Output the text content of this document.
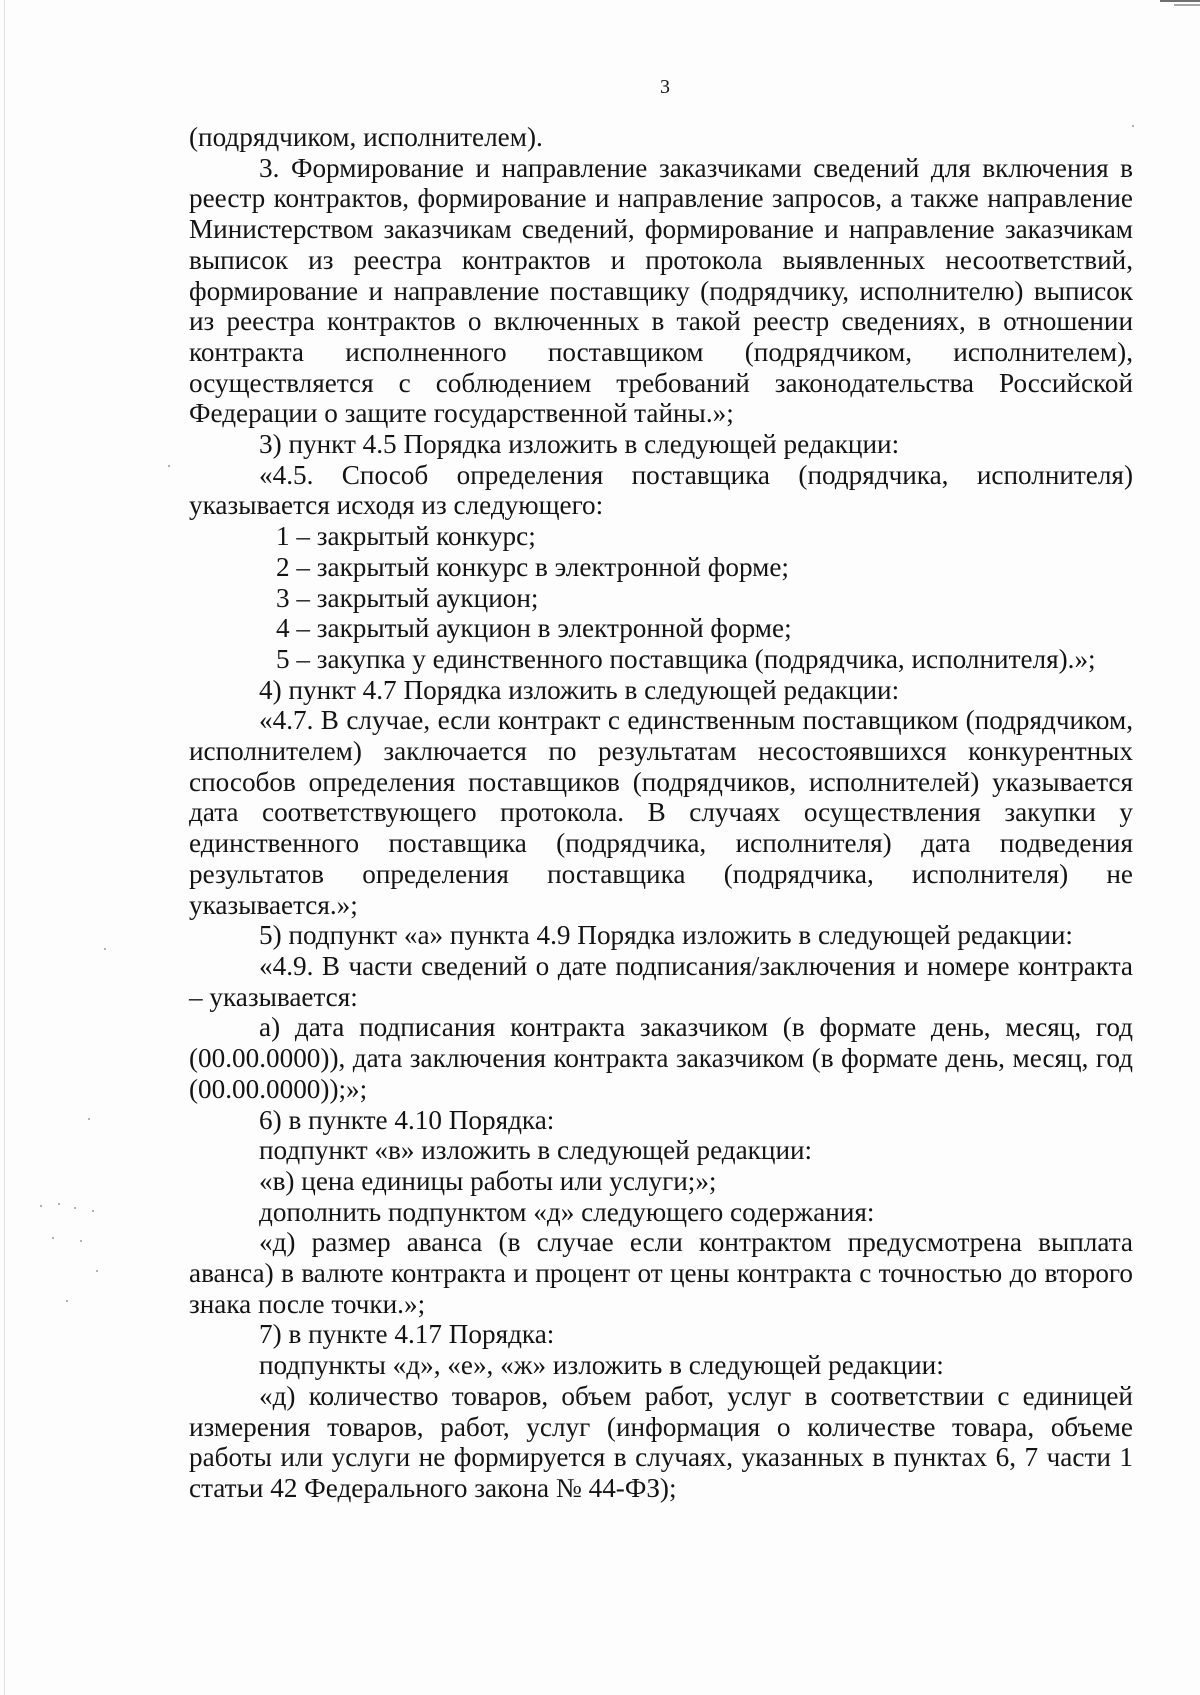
3

(подрядчиком, исполнителем).

3. Формирование и направление заказчиками сведений для включения в реестр контрактов, формирование и направление запросов, а также направление Министерством заказчикам сведений, формирование и направление заказчикам выписок из реестра контрактов и протокола выявленных несоответствий, формирование и направление поставщику (подрядчику, исполнителю) выписок из реестра контрактов о включенных в такой реестр сведениях, в отношении контракта исполненного поставщиком (подрядчиком, исполнителем), осуществляется с соблюдением требований законодательства Российской Федерации о защите государственной тайны.»;

3) пункт 4.5 Порядка изложить в следующей редакции:

«4.5. Способ определения поставщика (подрядчика, исполнителя) указывается исходя из следующего:

1 – закрытый конкурс;

2 – закрытый конкурс в электронной форме;

3 – закрытый аукцион;

4 – закрытый аукцион в электронной форме;

5 – закупка у единственного поставщика (подрядчика, исполнителя).»;

4) пункт 4.7 Порядка изложить в следующей редакции:

«4.7. В случае, если контракт с единственным поставщиком (подрядчиком, исполнителем) заключается по результатам несостоявшихся конкурентных способов определения поставщиков (подрядчиков, исполнителей) указывается дата соответствующего протокола. В случаях осуществления закупки у единственного поставщика (подрядчика, исполнителя) дата подведения результатов определения поставщика (подрядчика, исполнителя) не указывается.»;

5) подпункт «а» пункта 4.9 Порядка изложить в следующей редакции:

«4.9. В части сведений о дате подписания/заключения и номере контракта – указывается:

а) дата подписания контракта заказчиком (в формате день, месяц, год (00.00.0000)), дата заключения контракта заказчиком (в формате день, месяц, год (00.00.0000));»;

6) в пункте 4.10 Порядка:

подпункт «в» изложить в следующей редакции:

«в) цена единицы работы или услуги;»;

дополнить подпунктом «д» следующего содержания:

«д) размер аванса (в случае если контрактом предусмотрена выплата аванса) в валюте контракта и процент от цены контракта с точностью до второго знака после точки.»;

7) в пункте 4.17 Порядка:

подпункты «д», «е», «ж» изложить в следующей редакции:

«д) количество товаров, объем работ, услуг в соответствии с единицей измерения товаров, работ, услуг (информация о количестве товара, объеме работы или услуги не формируется в случаях, указанных в пунктах 6, 7 части 1 статьи 42 Федерального закона № 44-ФЗ);
